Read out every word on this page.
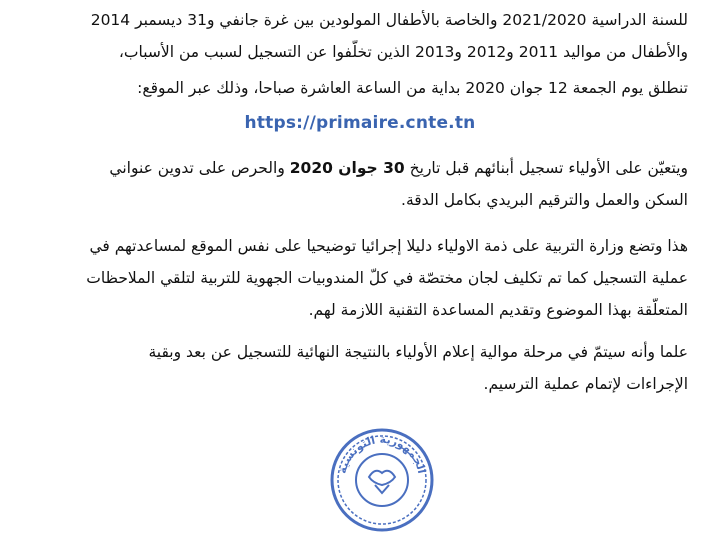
للسنة الدراسية 2021/2020 والخاصة بالأطفال المولودين بين غرة جانفي و31 ديسمبر 2014
والأطفال من مواليد 2011 و2012 و2013 الذين تخلّفوا عن التسجيل لسبب من الأسباب،
تنطلق يوم الجمعة 12 جوان 2020 بداية من الساعة العاشرة صباحا، وذلك عبر الموقع:
https://primaire.cnte.tn
ويتعيّن على الأولياء تسجيل أبنائهم قبل تاريخ 30 جوان 2020 والحرص على تدوين عنواني
السكن والعمل والترقيم البريدي بكامل الدقة.
هذا وتضع وزارة التربية على ذمة الاولياء دليلا إجرائيا توضيحيا على نفس الموقع لمساعدتهم في
عملية التسجيل كما تم تكليف لجان مختصّة في كلّ المندوبيات الجهوية للتربية لتلقي الملاحظات
المتعلّقة بهذا الموضوع وتقديم المساعدة التقنية اللازمة لهم.
علما وأنه سيتمّ في مرحلة موالية إعلام الأولياء بالنتيجة النهائية للتسجيل عن بعد وبقية
الإجراءات لإتمام عملية الترسيم.
الجمهورية التونسية
